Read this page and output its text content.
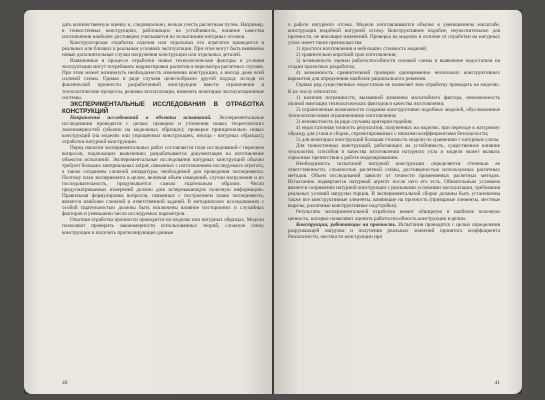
дать количественную оценку и, следовательно, нельзя учесть расчетным путем. Например, в тонкостенных конструкциях, работающих на устойчивость, влияние качества изготовления наиболее достоверно учитывается по испытаниям натурных отсеков.

Конструкторская отработка изделия или отдельных его агрегатов проводится в реальных или близких к реальным условиях эксплуатации. При этом могут быть выявлены новые дополнительные случаи нагружения конструкции или отдельных деталей.

Выявленные в процессе отработки новые технологические факторы и условия эксплуатации могут потребовать корректировки расчетов и пересмотра расчетных случаев. При этом может возникнуть необходимость изменения конструкции, а иногда даже всей силовой схемы. Однако в ряде случаев целесообразно другой подход: исходя из фактической прочности разработанной конструкции ввести ограничения в технологические процессы, режимы эксплуатации, изменить некоторые эксплуатационные системы.

ЭКСПЕРИМЕНТАЛЬНЫЕ ИССЛЕДОВАНИЯ В ОТРАБОТКА КОНСТРУКЦИЙ

Направление исследований и объекты испытаний. Экспериментальные исследования проводятся с целью: проверки и уточнения новых теоретических закономерностей (обычно на модельных образцах); проверки принципиально новых конструкций (на моделях или упрощенных конструкциях, иногда - натурных образцах); отработки натурной конструкции.

Перед началом экспериментальных работ составляется план исследований с перечнем вопросов, подлежащих выяснению; разрабатывается документация на изготовление объектов испытаний. Экспериментальные исследования натурных конструкций обычно требуют больших материальных затрат, связанных с изготовлением исследуемого агрегата, а также созданием сложной аппаратуры, необходимой для проведения эксперимента. Поэтому план эксперимента в целом, включая объем измерений, случаи нагружения и их последовательность, продумывается самым тщательным образом. Число предусматриваемых измерений должно дать исчерпывающую полезную информацию. Правильная формулировка вопросов, связанных с построением плана эксперимента, является наиболее сложной и ответственной задачей. В методических исследованиях с особой тщательностью должны быть исключены влияние посторонних и случайных факторов и уменьшено число исследуемых параметров.

Опытная отработка прочности проводится на моделях или натурных образцах. Модели позволяют проверить закономерности использованных теорий, сложную схему конструкции и получить прогнозирующие данные

40

о работе натурного отсека. Модели изготавливаются обычно в уменьшенном масштабе, конструкция подобной натурной отсеку. Конструктивное подобие, неукоснительное для прочности, не вносящее изменений. Проверка на моделях в отличие от отработки на натурных узлах имеет такие преимущества:

1) простота изготовления и небольших стоимость моделей;

2) сравнительно короткий срок изготовления;

3) возможность оценки работоспособности силовой схемы и выявление недостатков на стадии проектных разработок;

4) возможность сравнительной проверки одновременно нескольких конструктивных вариантов для определения наиболее рационального решения.

Однако ряд существенных недостатков не позволяет всю отработку проводить на моделях. К их числу относятся:

1) наличие погрешности, вызванной влиянием масштабного фактора, невозможность полной имитации технологических факторов и качества изготовления;

2) ограниченные возможности создания конструктивно подобных моделей, обусловленные технологическими ограничениями изготовления;

3) неизвестность (в ряде случаев) критерия подобия;

4) недостаточная точность результатов, полученных на моделях, при переходе к натурному образцу для узлов и сборок, спроектированных с низкими коэффициентами безопасности;

5) для некоторых конструкций большая стоимость модели по сравнению с натурным узлом.

Для тонкостенных конструкций, работающих на устойчивость, существенное влияние технологии, способов и качества изготовления натурного узла и модели может вызвать серьезные препятствия к работе моделированием.

Необходимость испытаний натурной конструкции определяется степенью ее ответственности, сложностью расчетной схемы, достоверностью используемых расчетных методов. Объем исследований зависит от точности применяемых расчетных методов. Испытанию подвергается натурный агрегат после чего его есть. Обязательным условием является сопряжение натурной конструкции с реальными условиями эксплуатации, требования реальных условий нагрузки торцов. В экспериментальной сборке должны быть установлены также все конструктивные элементы, влияющие на прочность (приварные элементы, местные вырезы, различные конструктивные надстройки).

Результаты экспериментальной отработки имеют обширную и наиболее полезную ценность, которые позволяют оценить работоспособность конструкции в целом.

Конструкции, работающие на прочность. Испытания проводятся с целью определения разрушающей нагрузки и получения реальных значений принятого коэффициента безопасности, жесткости конструкции при

41
